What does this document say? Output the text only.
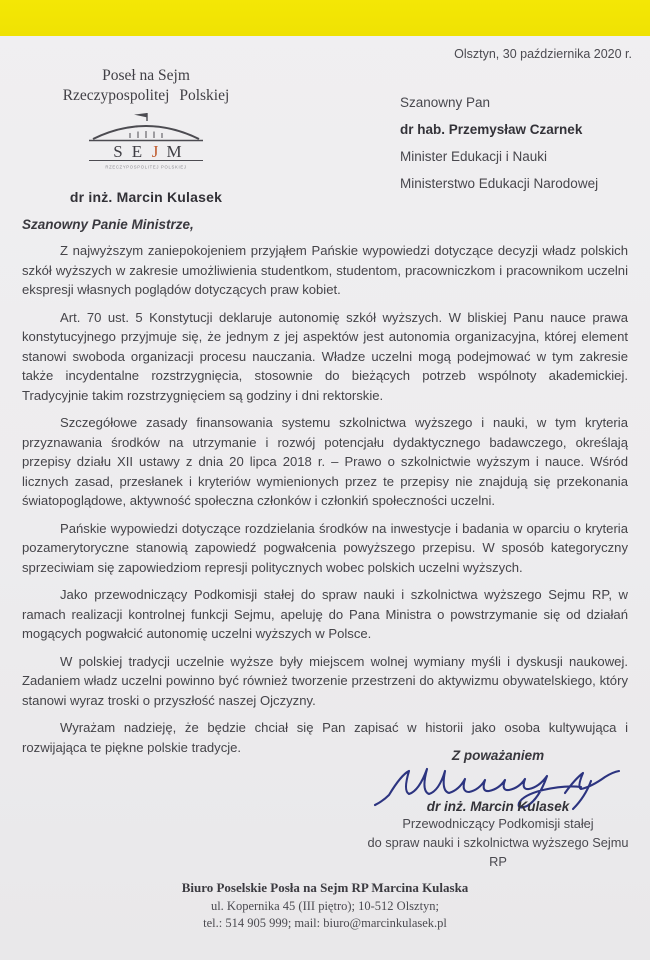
Olsztyn, 30 października 2020 r.
Poseł na Sejm
Rzeczypospolitej Polskiej
S E J M
RZECZYPOSPOLITEJ POLSKIEJ
dr inż. Marcin Kulasek

Szanowny Pan

dr hab. Przemysław Czarnek

Minister Edukacji i Nauki

Ministerstwo Edukacji Narodowej

Szanowny Panie Ministrze,

Z najwyższym zaniepokojeniem przyjąłem Pańskie wypowiedzi dotyczące decyzji władz polskich szkół wyższych w zakresie umożliwienia studentkom, studentom, pracowniczkom i pracownikom uczelni ekspresji własnych poglądów dotyczących praw kobiet.

Art. 70 ust. 5 Konstytucji deklaruje autonomię szkół wyższych. W bliskiej Panu nauce prawa konstytucyjnego przyjmuje się, że jednym z jej aspektów jest autonomia organizacyjna, której element stanowi swoboda organizacji procesu nauczania. Władze uczelni mogą podejmować w tym zakresie także incydentalne rozstrzygnięcia, stosownie do bieżących potrzeb wspólnoty akademickiej. Tradycyjnie takim rozstrzygnięciem są godziny i dni rektorskie.

Szczegółowe zasady finansowania systemu szkolnictwa wyższego i nauki, w tym kryteria przyznawania środków na utrzymanie i rozwój potencjału dydaktycznego badawczego, określają przepisy działu XII ustawy z dnia 20 lipca 2018 r. – Prawo o szkolnictwie wyższym i nauce. Wśród licznych zasad, przesłanek i kryteriów wymienionych przez te przepisy nie znajdują się przekonania światopoglądowe, aktywność społeczna członków i członkiń społeczności uczelni.

Pańskie wypowiedzi dotyczące rozdzielania środków na inwestycje i badania w oparciu o kryteria pozamerytoryczne stanowią zapowiedź pogwałcenia powyższego przepisu. W sposób kategoryczny sprzeciwiam się zapowiedziom represji politycznych wobec polskich uczelni wyższych.

Jako przewodniczący Podkomisji stałej do spraw nauki i szkolnictwa wyższego Sejmu RP, w ramach realizacji kontrolnej funkcji Sejmu, apeluję do Pana Ministra o powstrzymanie się od działań mogących pogwałcić autonomię uczelni wyższych w Polsce.

W polskiej tradycji uczelnie wyższe były miejscem wolnej wymiany myśli i dyskusji naukowej. Zadaniem władz uczelni powinno być również tworzenie przestrzeni do aktywizmu obywatelskiego, który stanowi wyraz troski o przyszłość naszej Ojczyzny.

Wyrażam nadzieję, że będzie chciał się Pan zapisać w historii jako osoba kultywująca i rozwijająca te piękne polskie tradycje.

Z poważaniem
dr inż. Marcin Kulasek
Przewodniczący Podkomisji stałej
do spraw nauki i szkolnictwa wyższego Sejmu RP

Biuro Poselskie Posła na Sejm RP Marcina Kulaska

ul. Kopernika 45 (III piętro); 10-512 Olsztyn;

tel.: 514 905 999; mail: biuro@marcinkulasek.pl
